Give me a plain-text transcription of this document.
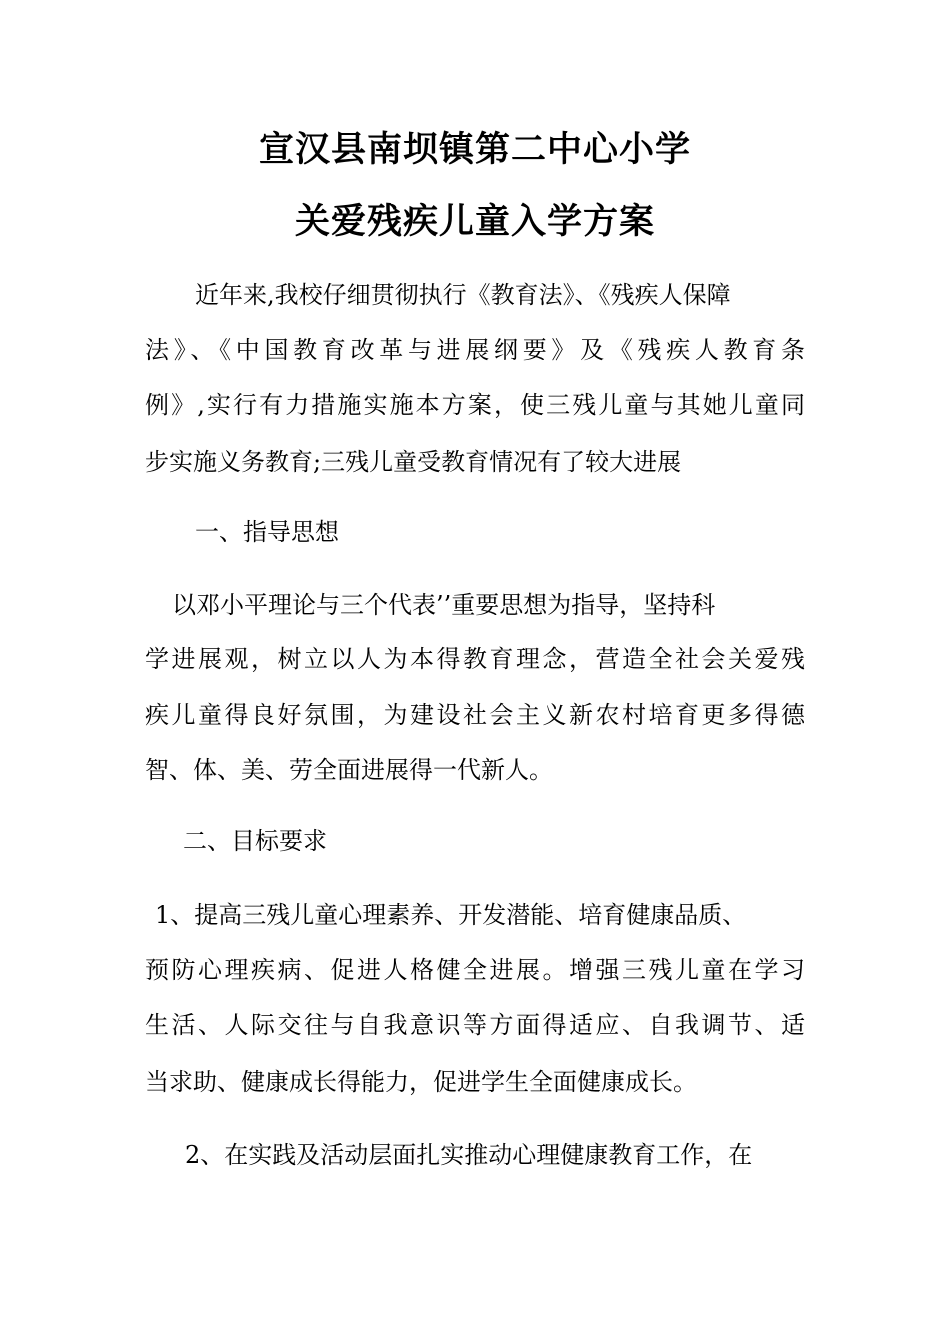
宣汉县南坝镇第二中心小学
关爱残疾儿童入学方案
近年来,我校仔细贯彻执行《教育法》、《残疾人保障
法》、《中国教育改革与进展纲要》及《残疾人教育条
例》,实行有力措施实施本方案，使三残儿童与其她儿童同
步实施义务教育;三残儿童受教育情况有了较大进展
一、指导思想
以邓小平理论与三个代表’’重要思想为指导，坚持科
学进展观，树立以人为本得教育理念，营造全社会关爱残
疾儿童得良好氛围，为建设社会主义新农村培育更多得德
智、体、美、劳全面进展得一代新人。
二、目标要求
1、提高三残儿童心理素养、开发潜能、培育健康品质、
预防心理疾病、促进人格健全进展。增强三残儿童在学习
生活、人际交往与自我意识等方面得适应、自我调节、适
当求助、健康成长得能力，促进学生全面健康成长。
2、在实践及活动层面扎实推动心理健康教育工作，在
